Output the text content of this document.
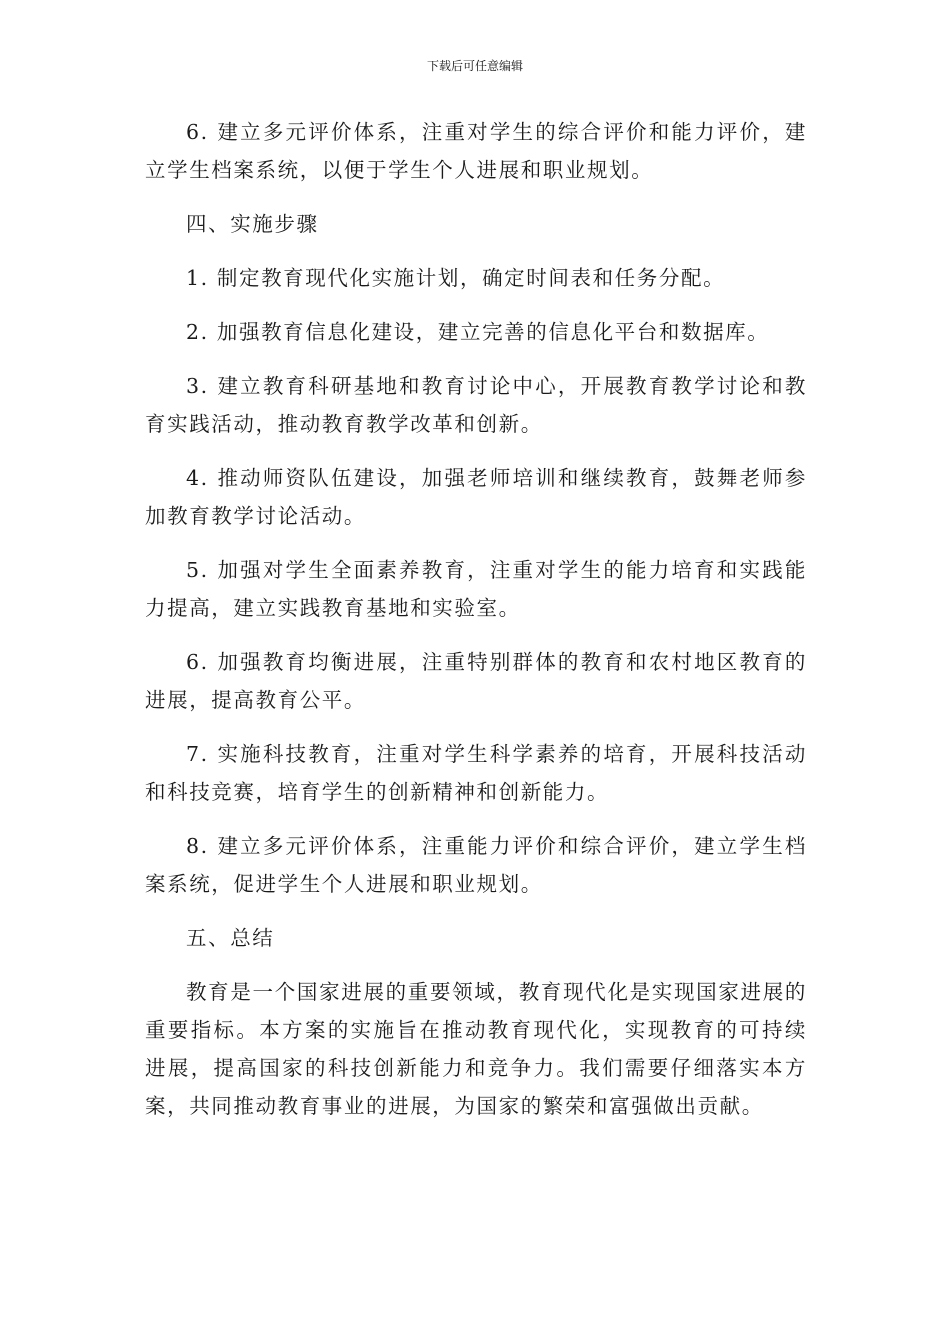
下载后可任意编辑

6. 建立多元评价体系，注重对学生的综合评价和能力评价，建立学生档案系统，以便于学生个人进展和职业规划。

四、实施步骤

1. 制定教育现代化实施计划，确定时间表和任务分配。

2. 加强教育信息化建设，建立完善的信息化平台和数据库。

3. 建立教育科研基地和教育讨论中心，开展教育教学讨论和教育实践活动，推动教育教学改革和创新。

4. 推动师资队伍建设，加强老师培训和继续教育，鼓舞老师参加教育教学讨论活动。

5. 加强对学生全面素养教育，注重对学生的能力培育和实践能力提高，建立实践教育基地和实验室。

6. 加强教育均衡进展，注重特别群体的教育和农村地区教育的进展，提高教育公平。

7. 实施科技教育，注重对学生科学素养的培育，开展科技活动和科技竞赛，培育学生的创新精神和创新能力。

8. 建立多元评价体系，注重能力评价和综合评价，建立学生档案系统，促进学生个人进展和职业规划。

五、总结

教育是一个国家进展的重要领域，教育现代化是实现国家进展的重要指标。本方案的实施旨在推动教育现代化，实现教育的可持续进展，提高国家的科技创新能力和竞争力。我们需要仔细落实本方案，共同推动教育事业的进展，为国家的繁荣和富强做出贡献。
